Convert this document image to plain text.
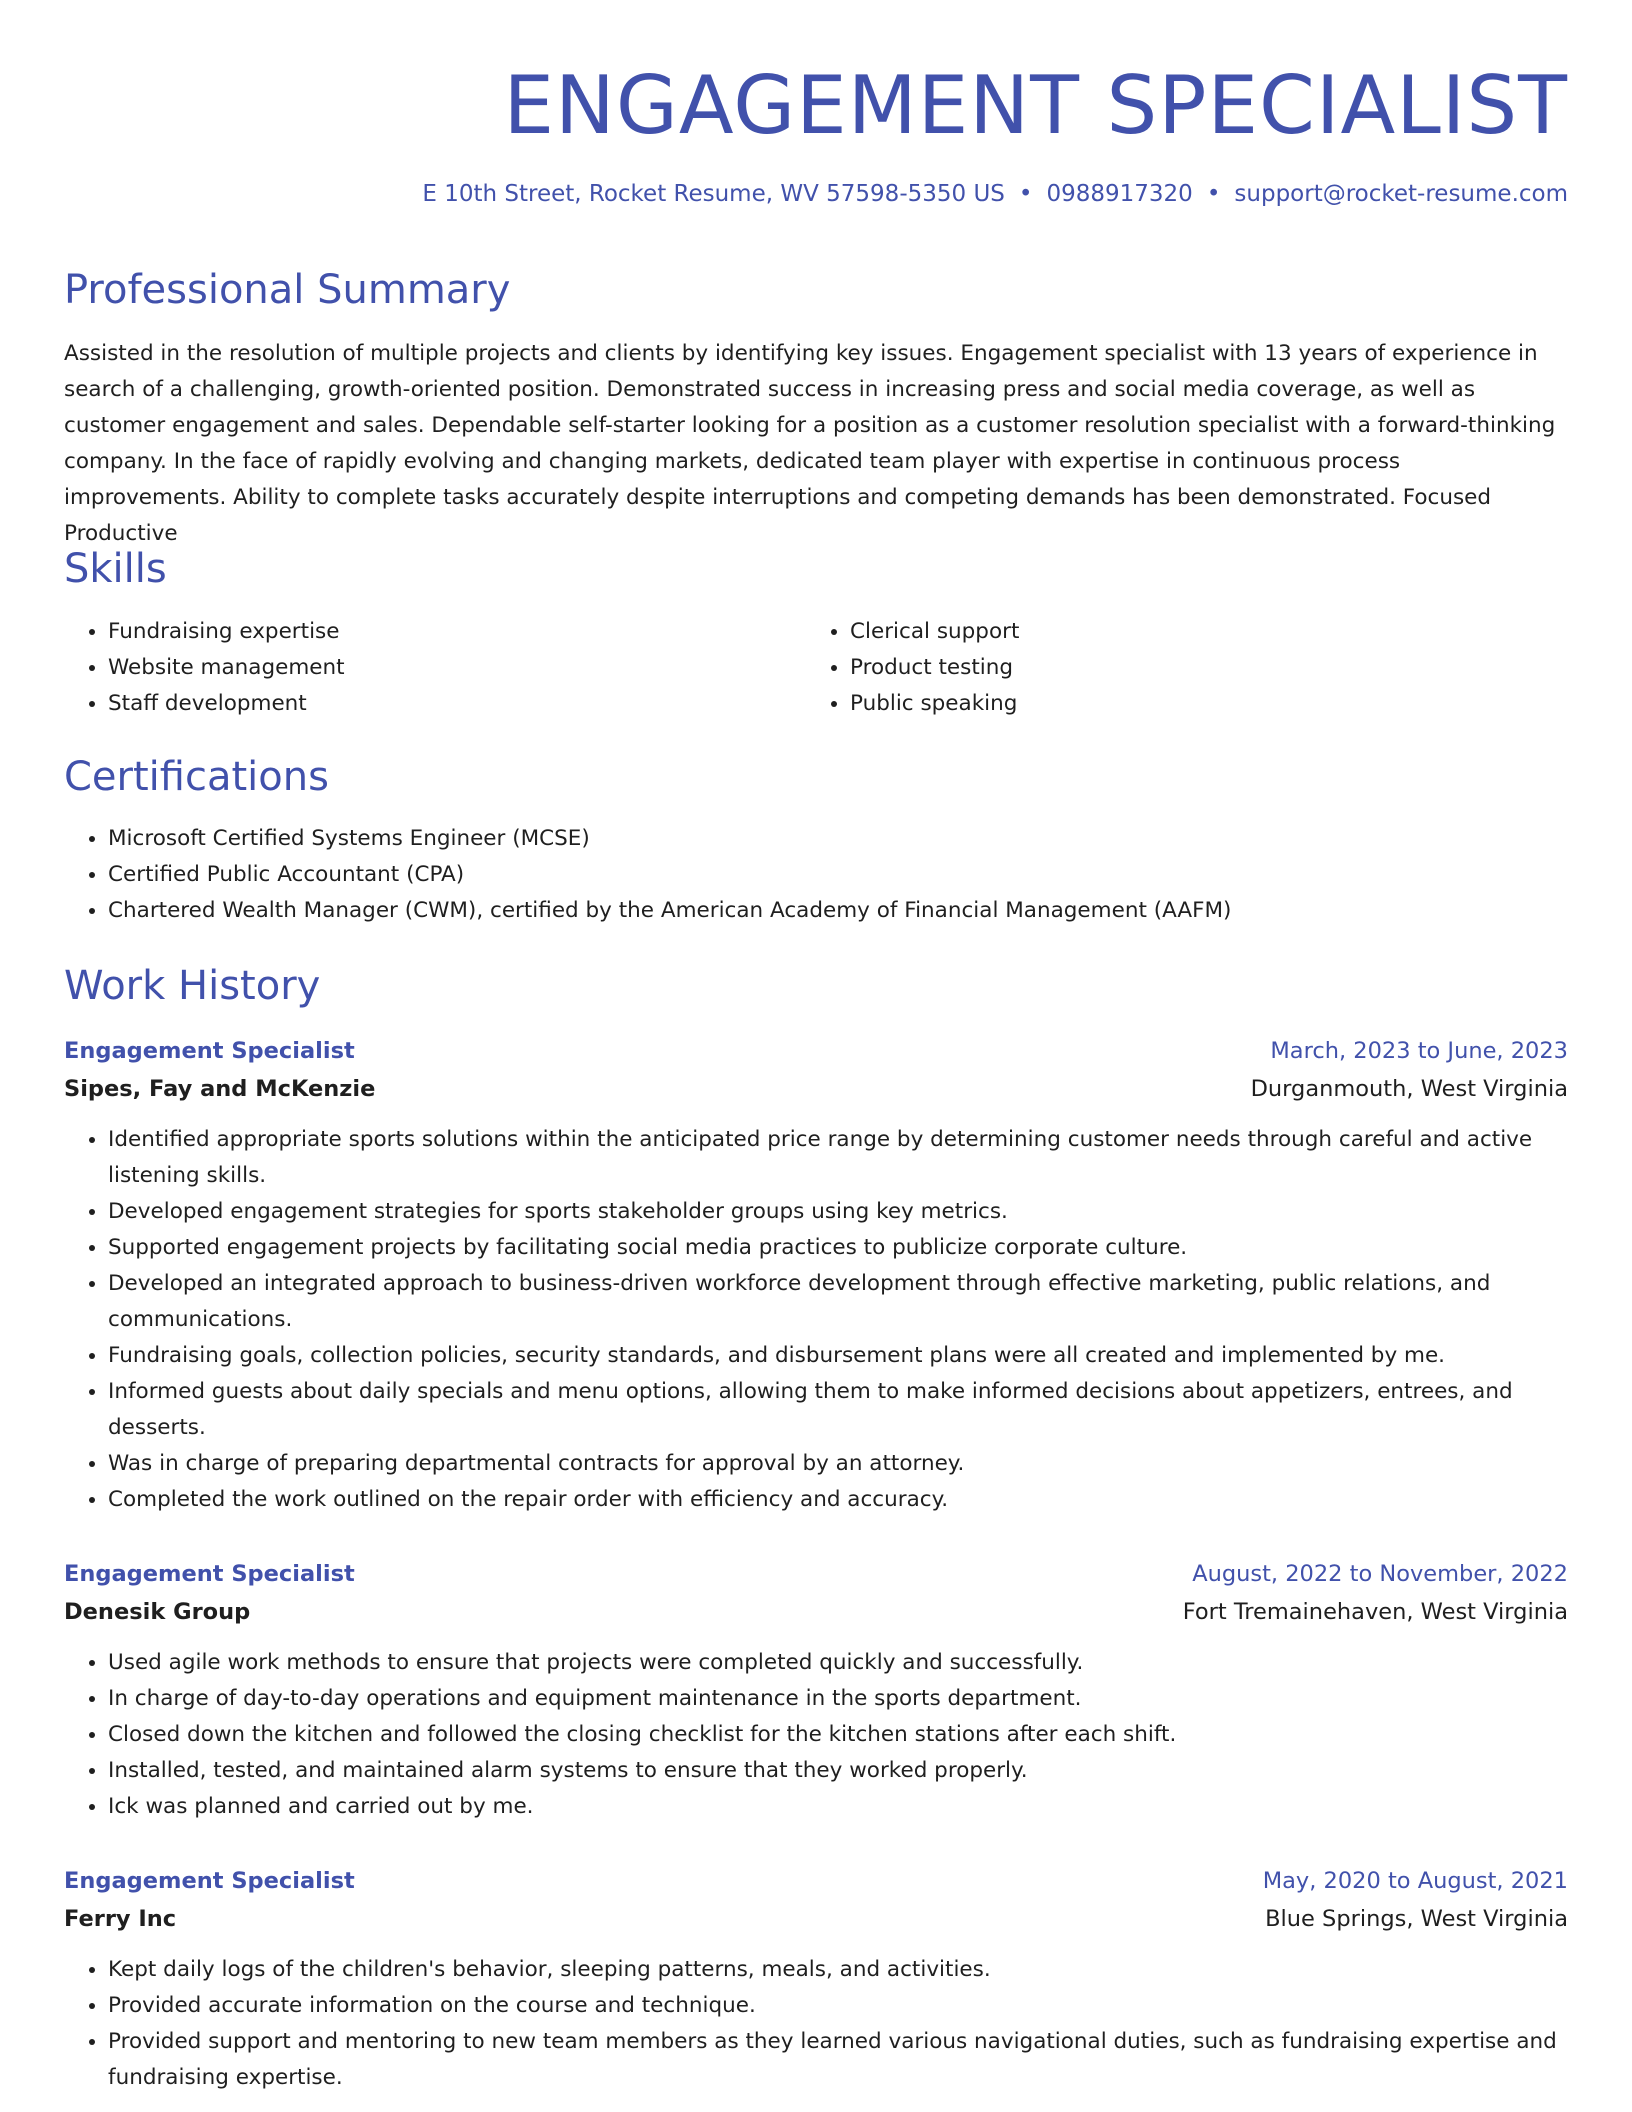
ENGAGEMENT SPECIALIST
E 10th Street, Rocket Resume, WV 57598-5350 US • 0988917320 • support@rocket-resume.com
Professional Summary

Assisted in the resolution of multiple projects and clients by identifying key issues. Engagement specialist with 13 years of experience in search of a challenging, growth-oriented position. Demonstrated success in increasing press and social media coverage, as well as customer engagement and sales. Dependable self-starter looking for a position as a customer resolution specialist with a forward-thinking company. In the face of rapidly evolving and changing markets, dedicated team player with expertise in continuous process improvements. Ability to complete tasks accurately despite interruptions and competing demands has been demonstrated. Focused Productive

Skills
• Fundraising expertise
• Website management
• Staff development
• Clerical support
• Product testing
• Public speaking
Certifications
• Microsoft Certified Systems Engineer (MCSE)
• Certified Public Accountant (CPA)
• Chartered Wealth Manager (CWM), certified by the American Academy of Financial Management (AAFM)
Work History
Engagement Specialist	March, 2023 to June, 2023
Sipes, Fay and McKenzie	Durganmouth, West Virginia
• Identified appropriate sports solutions within the anticipated price range by determining customer needs through careful and active listening skills.
• Developed engagement strategies for sports stakeholder groups using key metrics.
• Supported engagement projects by facilitating social media practices to publicize corporate culture.
• Developed an integrated approach to business-driven workforce development through effective marketing, public relations, and communications.
• Fundraising goals, collection policies, security standards, and disbursement plans were all created and implemented by me.
• Informed guests about daily specials and menu options, allowing them to make informed decisions about appetizers, entrees, and desserts.
• Was in charge of preparing departmental contracts for approval by an attorney.
• Completed the work outlined on the repair order with efficiency and accuracy.
Engagement Specialist	August, 2022 to November, 2022
Denesik Group	Fort Tremainehaven, West Virginia
• Used agile work methods to ensure that projects were completed quickly and successfully.
• In charge of day-to-day operations and equipment maintenance in the sports department.
• Closed down the kitchen and followed the closing checklist for the kitchen stations after each shift.
• Installed, tested, and maintained alarm systems to ensure that they worked properly.
• Ick was planned and carried out by me.
Engagement Specialist	May, 2020 to August, 2021
Ferry Inc	Blue Springs, West Virginia
• Kept daily logs of the children's behavior, sleeping patterns, meals, and activities.
• Provided accurate information on the course and technique.
• Provided support and mentoring to new team members as they learned various navigational duties, such as fundraising expertise and fundraising expertise.
